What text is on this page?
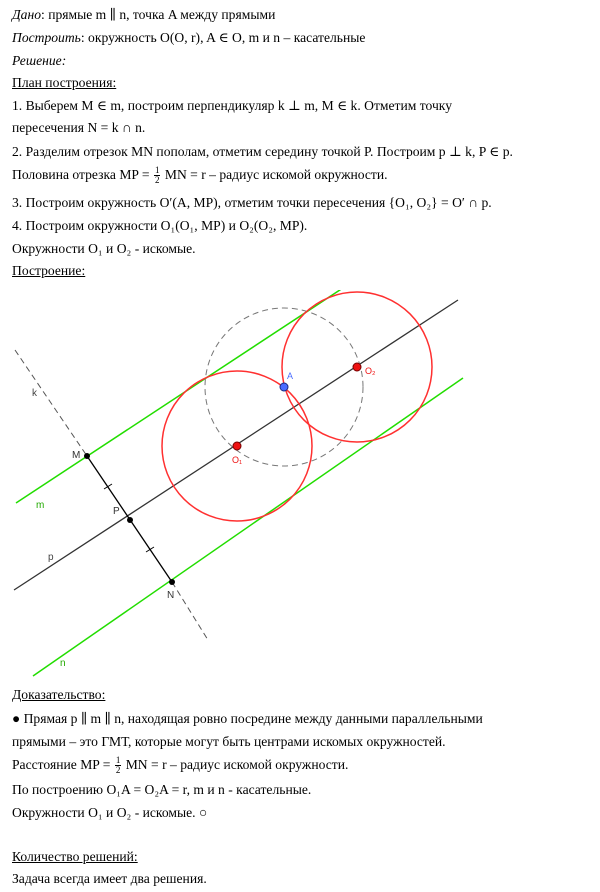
Дано: прямые m ∥ n, точка A между прямыми
Построить: окружность O(O, r), A ∈ O, m и n – касательные
Решение:
План построения:
1. Выберем M ∈ m, построим перпендикуляр k ⊥ m, M ∈ k. Отметим точку
пересечения N = k ∩ n.
2. Разделим отрезок MN пополам, отметим середину точкой P. Построим p ⊥ k, P ∈ p.
Половина отрезка MP = $\frac{1}{2}$ MN = r – радиус искомой окружности.
3. Построим окружность O′(A, MP), отметим точки пересечения {O₁, O₂} = O′ ∩ p.
4. Построим окружности O₁(O₁, MP) и O₂(O₂, MP).
Окружности O₁ и O₂ - искомые.
Построение:
k
M
P
N
m
p
n
A
O₁
O₂
Доказательство:
● Прямая p ∥ m ∥ n, находящая ровно посредине между данными параллельными
прямыми – это ГМТ, которые могут быть центрами искомых окружностей.
Расстояние MP = $\frac{1}{2}$ MN = r – радиус искомой окружности.
По построению O₁A = O₂A = r, m и n - касательные.
Окружности O₁ и O₂ - искомые. ○
Количество решений:
Задача всегда имеет два решения.
